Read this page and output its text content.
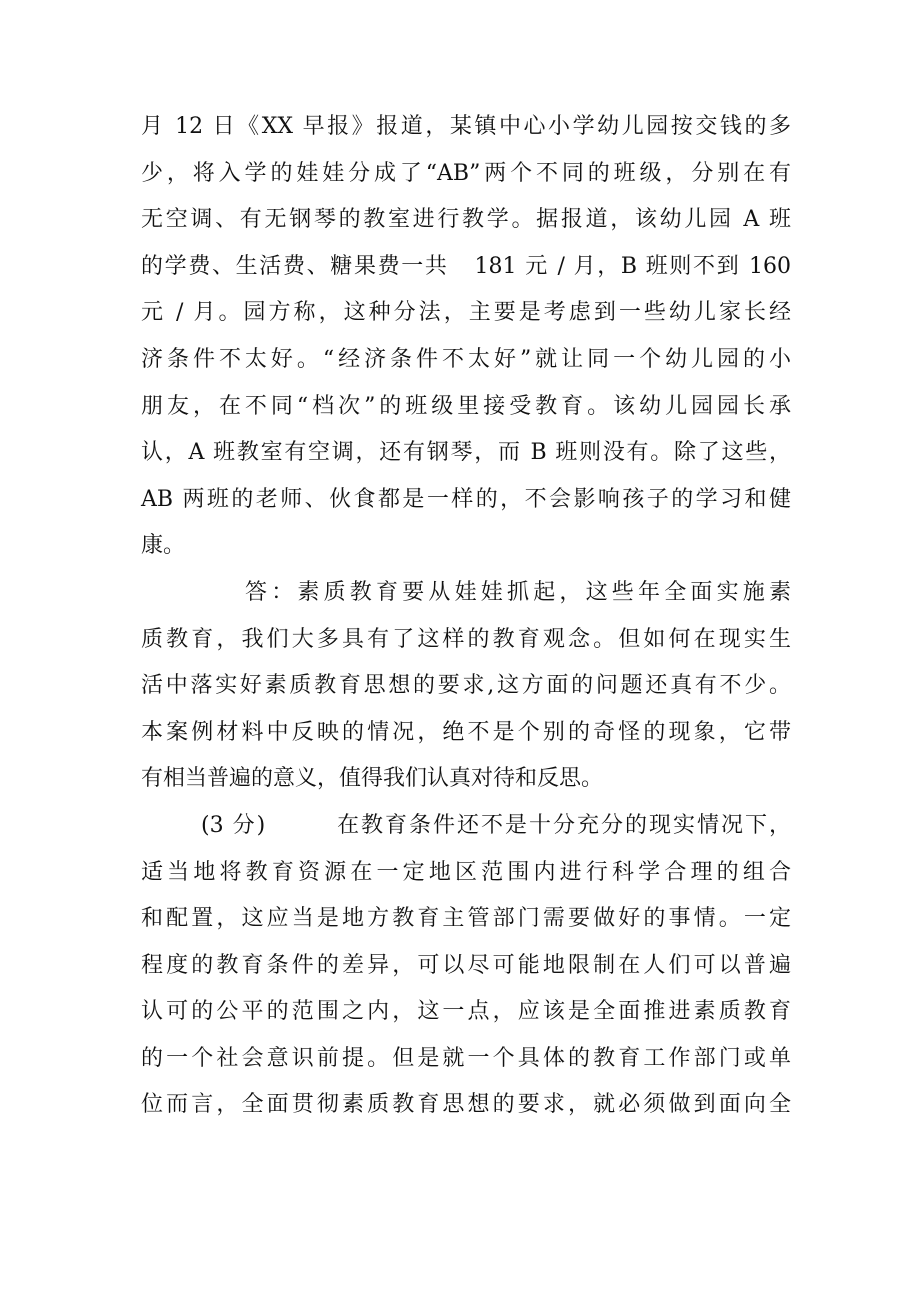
月 12 日《XX 早报》报道，某镇中心小学幼儿园按交钱的多
少，将入学的娃娃分成了“AB”两个不同的班级，分别在有
无空调、有无钢琴的教室进行教学。据报道，该幼儿园 A 班
的学费、生活费、糖果费一共   181 元 / 月，B 班则不到 160
元 / 月。园方称，这种分法，主要是考虑到一些幼儿家长经
济条件不太好。“经济条件不太好”就让同一个幼儿园的小
朋友，在不同“档次”的班级里接受教育。该幼儿园园长承
认，A 班教室有空调，还有钢琴，而 B 班则没有。除了这些，
AB 两班的老师、伙食都是一样的，不会影响孩子的学习和健
康。
答：素质教育要从娃娃抓起，这些年全面实施素
质教育，我们大多具有了这样的教育观念。但如何在现实生
活中落实好素质教育思想的要求,这方面的问题还真有不少。
本案例材料中反映的情况，绝不是个别的奇怪的现象，它带
有相当普遍的意义，值得我们认真对待和反思。
(3 分)        在教育条件还不是十分充分的现实情况下，
适当地将教育资源在一定地区范围内进行科学合理的组合
和配置，这应当是地方教育主管部门需要做好的事情。一定
程度的教育条件的差异，可以尽可能地限制在人们可以普遍
认可的公平的范围之内，这一点，应该是全面推进素质教育
的一个社会意识前提。但是就一个具体的教育工作部门或单
位而言，全面贯彻素质教育思想的要求，就必须做到面向全
